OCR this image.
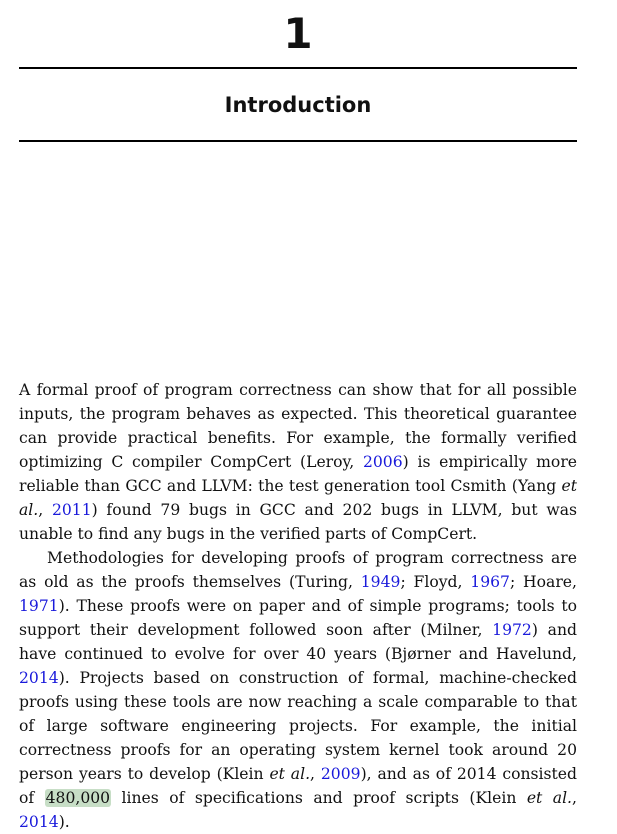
1
Introduction

A formal proof of program correctness can show that for all possible inputs, the program behaves as expected. This theoretical guarantee can provide practical benefits. For example, the formally verified optimizing C compiler CompCert (Leroy, 2006) is empirically more reliable than GCC and LLVM: the test generation tool Csmith (Yang et al., 2011) found 79 bugs in GCC and 202 bugs in LLVM, but was unable to find any bugs in the verified parts of CompCert.

Methodologies for developing proofs of program correctness are as old as the proofs themselves (Turing, 1949; Floyd, 1967; Hoare, 1971). These proofs were on paper and of simple programs; tools to support their development followed soon after (Milner, 1972) and have continued to evolve for over 40 years (Bjørner and Havelund, 2014). Projects based on construction of formal, machine-checked proofs using these tools are now reaching a scale comparable to that of large software engineering projects. For example, the initial correctness proofs for an operating system kernel took around 20 person years to develop (Klein et al., 2009), and as of 2014 consisted of 480,000 lines of specifications and proof scripts (Klein et al., 2014).
